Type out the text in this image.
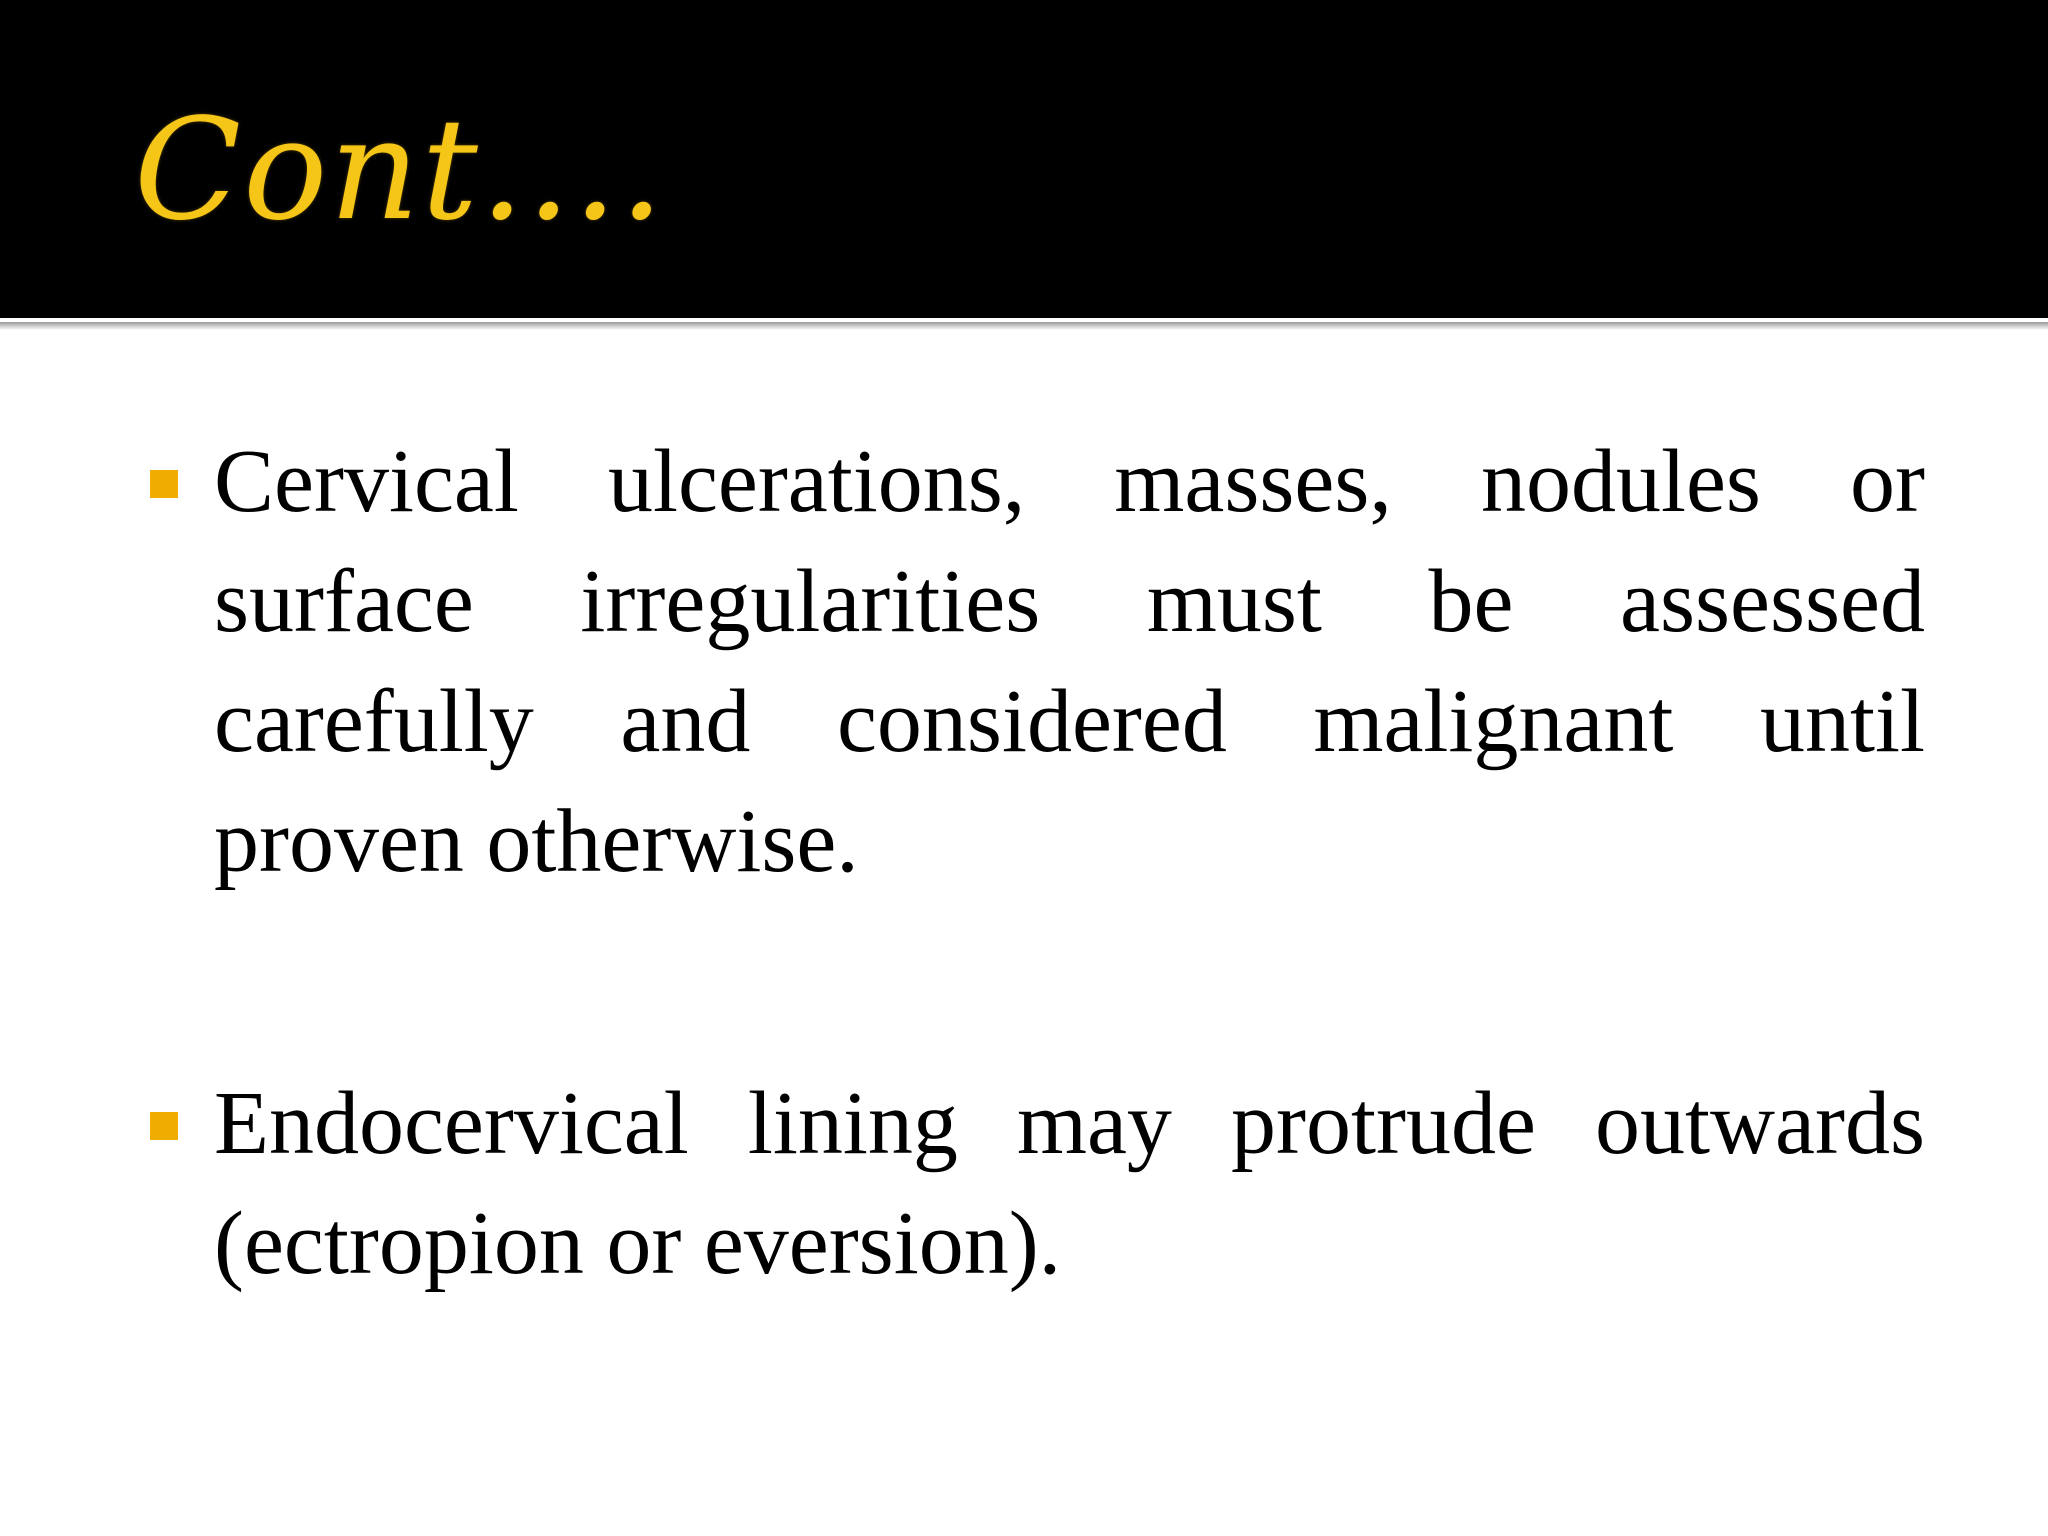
Cont....
Cervical ulcerations, masses, nodules or surface irregularities must be assessed carefully and considered malignant until proven otherwise.
Endocervical lining may protrude outwards (ectropion or eversion).
